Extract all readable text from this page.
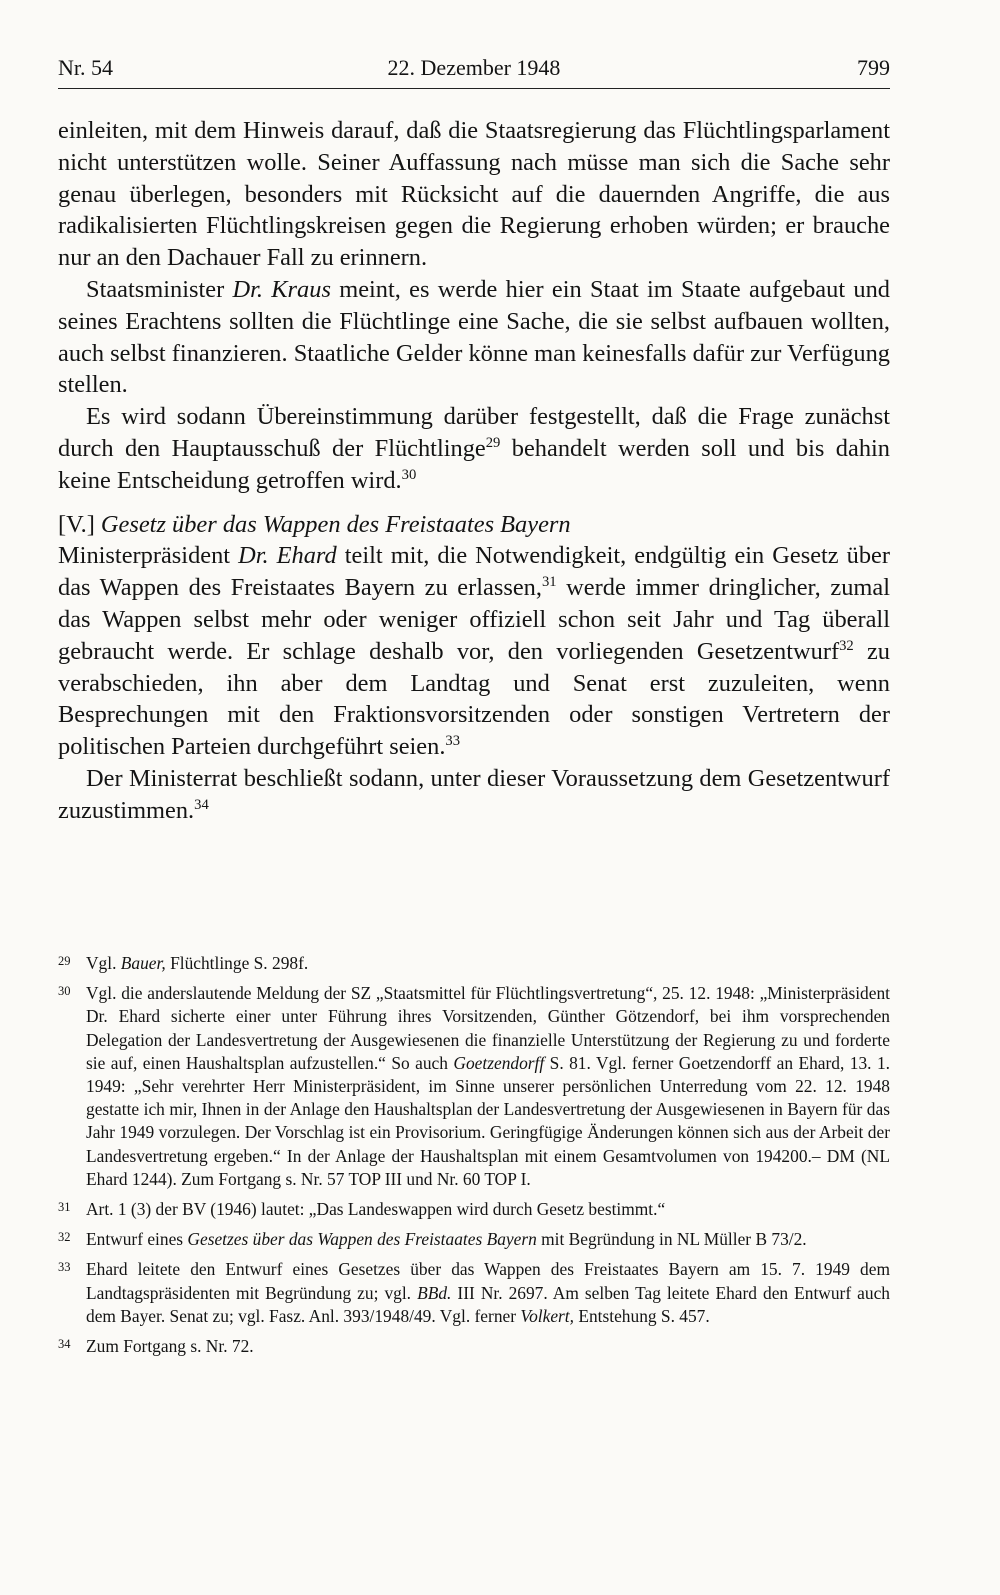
Nr. 54	22. Dezember 1948	799

einleiten, mit dem Hinweis darauf, daß die Staatsregierung das Flüchtlingsparlament nicht unterstützen wolle. Seiner Auffassung nach müsse man sich die Sache sehr genau überlegen, besonders mit Rücksicht auf die dauernden Angriffe, die aus radikalisierten Flüchtlingskreisen gegen die Regierung erhoben würden; er brauche nur an den Dachauer Fall zu erinnern.

Staatsminister Dr. Kraus meint, es werde hier ein Staat im Staate aufgebaut und seines Erachtens sollten die Flüchtlinge eine Sache, die sie selbst aufbauen wollten, auch selbst finanzieren. Staatliche Gelder könne man keinesfalls dafür zur Verfügung stellen.

Es wird sodann Übereinstimmung darüber festgestellt, daß die Frage zunächst durch den Hauptausschuß der Flüchtlinge$^{29}$ behandelt werden soll und bis dahin keine Entscheidung getroffen wird.$^{30}$

[V.] Gesetz über das Wappen des Freistaates Bayern

Ministerpräsident Dr. Ehard teilt mit, die Notwendigkeit, endgültig ein Gesetz über das Wappen des Freistaates Bayern zu erlassen,$^{31}$ werde immer dringlicher, zumal das Wappen selbst mehr oder weniger offiziell schon seit Jahr und Tag überall gebraucht werde. Er schlage deshalb vor, den vorliegenden Gesetzentwurf$^{32}$ zu verabschieden, ihn aber dem Landtag und Senat erst zuzuleiten, wenn Besprechungen mit den Fraktionsvorsitzenden oder sonstigen Vertretern der politischen Parteien durchgeführt seien.$^{33}$

Der Ministerrat beschließt sodann, unter dieser Voraussetzung dem Gesetzentwurf zuzustimmen.$^{34}$

29 Vgl. Bauer, Flüchtlinge S. 298f.
30 Vgl. die anderslautende Meldung der SZ „Staatsmittel für Flüchtlingsvertretung“, 25. 12. 1948: „Ministerpräsident Dr. Ehard sicherte einer unter Führung ihres Vorsitzenden, Günther Götzendorf, bei ihm vorsprechenden Delegation der Landesvertretung der Ausgewiesenen die finanzielle Unterstützung der Regierung zu und forderte sie auf, einen Haushaltsplan aufzustellen.“ So auch Goetzendorff S. 81. Vgl. ferner Goetzendorff an Ehard, 13. 1. 1949: „Sehr verehrter Herr Ministerpräsident, im Sinne unserer persönlichen Unterredung vom 22. 12. 1948 gestatte ich mir, Ihnen in der Anlage den Haushaltsplan der Landesvertretung der Ausgewiesenen in Bayern für das Jahr 1949 vorzulegen. Der Vorschlag ist ein Provisorium. Geringfügige Änderungen können sich aus der Arbeit der Landesvertretung ergeben.“ In der Anlage der Haushaltsplan mit einem Gesamtvolumen von 194200.– DM (NL Ehard 1244). Zum Fortgang s. Nr. 57 TOP III und Nr. 60 TOP I.
31 Art. 1 (3) der BV (1946) lautet: „Das Landeswappen wird durch Gesetz bestimmt.“
32 Entwurf eines Gesetzes über das Wappen des Freistaates Bayern mit Begründung in NL Müller B 73/2.
33 Ehard leitete den Entwurf eines Gesetzes über das Wappen des Freistaates Bayern am 15. 7. 1949 dem Landtagspräsidenten mit Begründung zu; vgl. BBd. III Nr. 2697. Am selben Tag leitete Ehard den Entwurf auch dem Bayer. Senat zu; vgl. Fasz. Anl. 393/1948/49. Vgl. ferner Volkert, Entstehung S. 457.
34 Zum Fortgang s. Nr. 72.
